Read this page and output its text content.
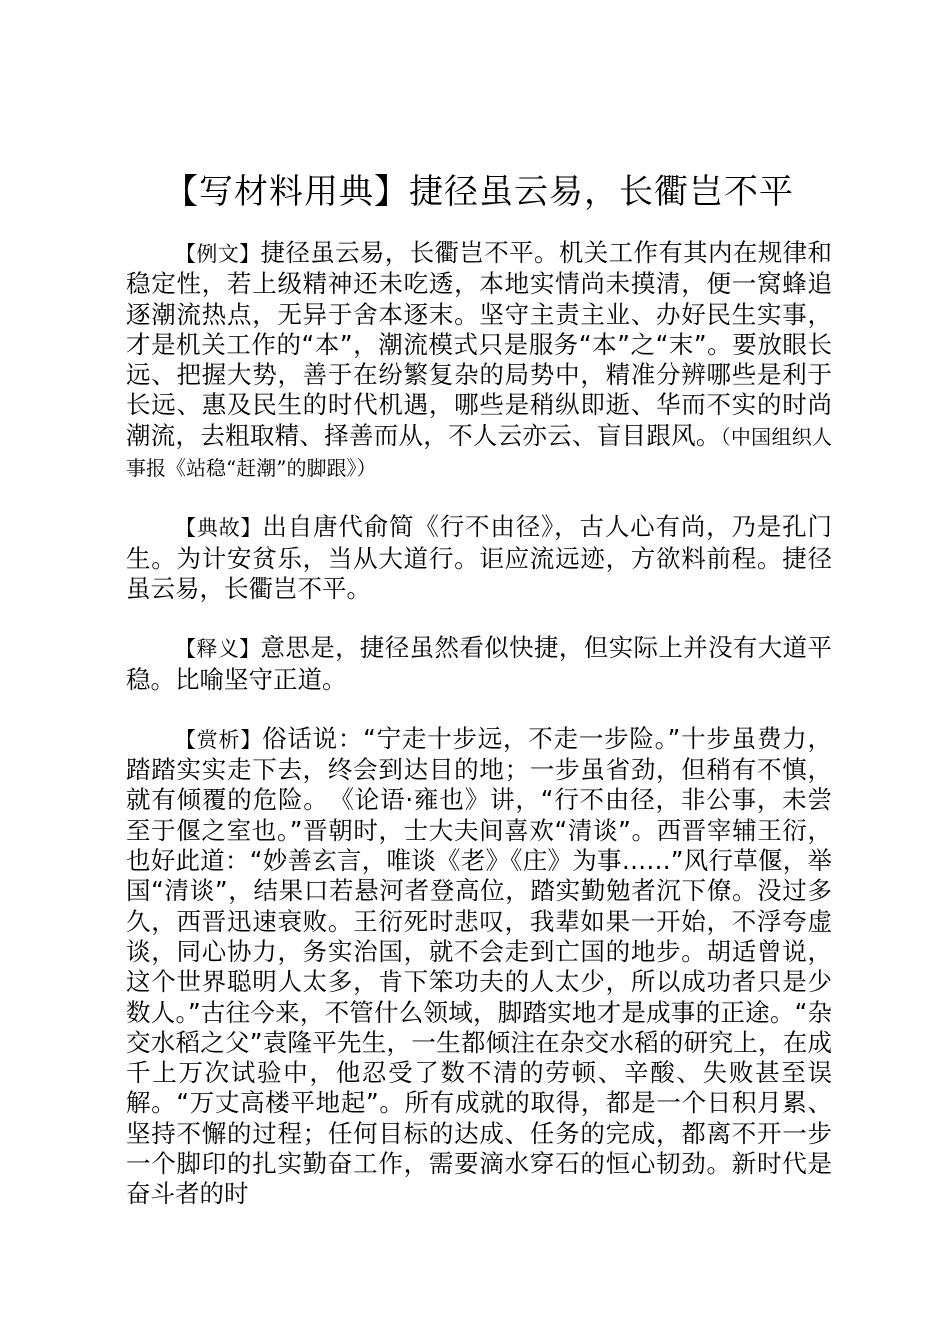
【写材料用典】捷径虽云易，长衢岂不平

【例文】捷径虽云易，长衢岂不平。机关工作有其内在规律和稳定性，若上级精神还未吃透，本地实情尚未摸清，便一窝蜂追逐潮流热点，无异于舍本逐末。坚守主责主业、办好民生实事，才是机关工作的“本”，潮流模式只是服务“本”之“末”。要放眼长远、把握大势，善于在纷繁复杂的局势中，精准分辨哪些是利于长远、惠及民生的时代机遇，哪些是稍纵即逝、华而不实的时尚潮流，去粗取精、择善而从，不人云亦云、盲目跟风。（中国组织人事报《站稳“赶潮”的脚跟》）

【典故】出自唐代俞简《行不由径》，古人心有尚，乃是孔门生。为计安贫乐，当从大道行。讵应流远迹，方欲料前程。捷径虽云易，长衢岂不平。

【释义】意思是，捷径虽然看似快捷，但实际上并没有大道平稳。比喻坚守正道。

【赏析】俗话说：“宁走十步远，不走一步险。”十步虽费力，踏踏实实走下去，终会到达目的地；一步虽省劲，但稍有不慎，就有倾覆的危险。　《论语·雍也》讲，“行不由径，非公事，未尝至于偃之室也。”晋朝时，士大夫间喜欢“清谈”。西晋宰辅王衍，也好此道：“妙善玄言，唯谈《老》《庄》为事……”风行草偃，举国“清谈”，结果口若悬河者登高位，踏实勤勉者沉下僚。没过多久，西晋迅速衰败。王衍死时悲叹，我辈如果一开始，不浮夸虚谈，同心协力，务实治国，就不会走到亡国的地步。胡适曾说，这个世界聪明人太多，肯下笨功夫的人太少，所以成功者只是少数人。”古往今来，不管什么领域，脚踏实地才是成事的正途。“杂交水稻之父”袁隆平先生，一生都倾注在杂交水稻的研究上，在成千上万次试验中，他忍受了数不清的劳顿、辛酸、失败甚至误解。“万丈高楼平地起”。所有成就的取得，都是一个日积月累、坚持不懈的过程；任何目标的达成、任务的完成，都离不开一步一个脚印的扎实勤奋工作，需要滴水穿石的恒心韧劲。新时代是奋斗者的时
